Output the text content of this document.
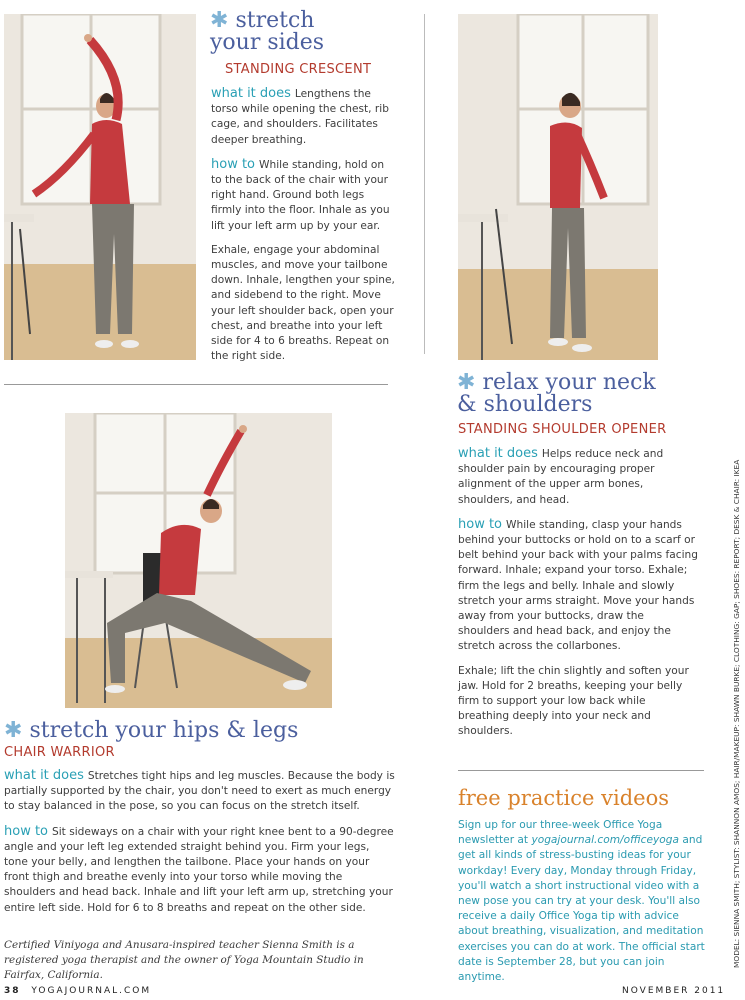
✱ stretch
your sides
STANDING CRESCENT

what it does Lengthens the torso while opening the chest, rib cage, and shoulders. Facilitates deeper breathing.

how to While standing, hold on to the back of the chair with your right hand. Ground both legs firmly into the floor. Inhale as you lift your left arm up by your ear.

Exhale, engage your abdominal muscles, and move your tailbone down. Inhale, lengthen your spine, and sidebend to the right. Move your left shoulder back, open your chest, and breathe into your left side for 4 to 6 breaths. Repeat on the right side.

✱ relax your neck
& shoulders
STANDING SHOULDER OPENER

what it does Helps reduce neck and shoulder pain by encouraging proper alignment of the upper arm bones, shoulders, and head.

how to While standing, clasp your hands behind your buttocks or hold on to a scarf or belt behind your back with your palms facing forward. Inhale; expand your torso. Exhale; firm the legs and belly. Inhale and slowly stretch your arms straight. Move your hands away from your buttocks, draw the shoulders and head back, and enjoy the stretch across the collarbones.

Exhale; lift the chin slightly and soften your jaw. Hold for 2 breaths, keeping your belly firm to support your low back while breathing deeply into your neck and shoulders.

free practice videos
Sign up for our three-week Office Yoga newsletter at yogajournal.com/officeyoga and get all kinds of stress-busting ideas for your workday! Every day, Monday through Friday, you'll watch a short instructional video with a new pose you can try at your desk. You'll also receive a daily Office Yoga tip with advice about breathing, visualization, and meditation exercises you can do at work. The official start date is September 28, but you can join anytime.
✱ stretch your hips & legs
CHAIR WARRIOR

what it does Stretches tight hips and leg muscles. Because the body is partially supported by the chair, you don't need to exert as much energy to stay balanced in the pose, so you can focus on the stretch itself.

how to Sit sideways on a chair with your right knee bent to a 90-degree angle and your left leg extended straight behind you. Firm your legs, tone your belly, and lengthen the tailbone. Place your hands on your front thigh and breathe evenly into your torso while moving the shoulders and head back. Inhale and lift your left arm up, stretching your entire left side. Hold for 6 to 8 breaths and repeat on the other side.

Certified Viniyoga and Anusara-inspired teacher Sienna Smith is a registered yoga therapist and the owner of Yoga Mountain Studio in Fairfax, California.
MODEL: SIENNA SMITH; STYLIST: SHANNON AMOS; HAIR/MAKEUP: SHAWN BURKE; CLOTHING: GAP; SHOES: REPORT; DESK & CHAIR: IKEA
38 YOGAJOURNAL.COM	NOVEMBER 2011
